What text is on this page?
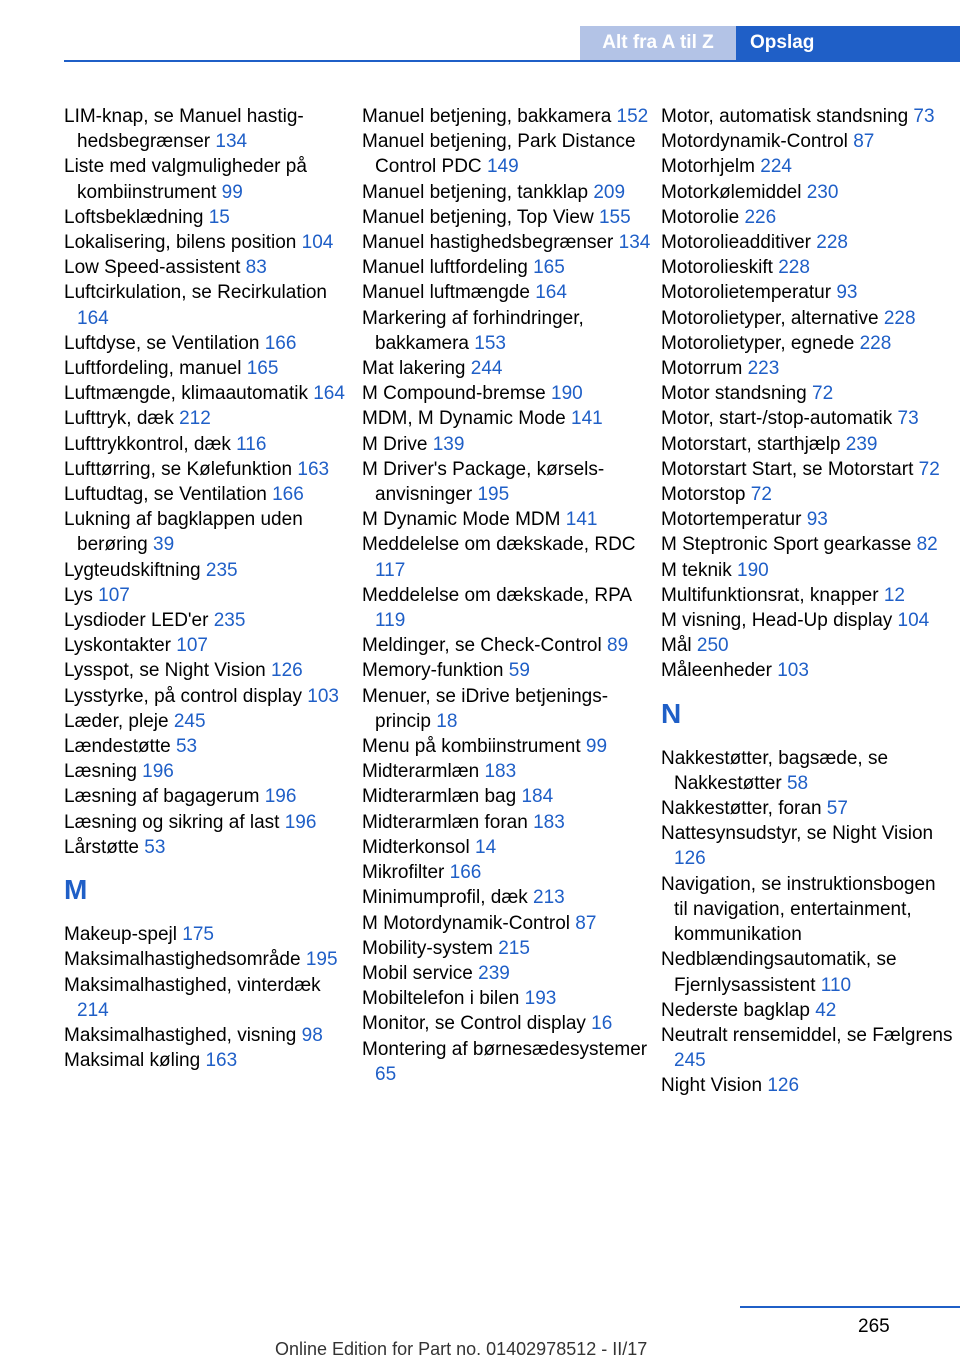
Alt fra A til Z	Opslag
LIM-knap, se Manuel hastighedsbegrænser 134
Liste med valgmuligheder på kombiinstrument 99
Loftsbeklædning 15
Lokalisering, bilens position 104
Low Speed-assistent 83
Luftcirkulation, se Recirkulation 164
Luftdyse, se Ventilation 166
Luftfordeling, manuel 165
Luftmængde, klimaautomatik 164
Lufttryk, dæk 212
Lufttrykkontrol, dæk 116
Lufttørring, se Kølefunktion 163
Luftudtag, se Ventilation 166
Lukning af bagklappen uden berøring 39
Lygteudskiftning 235
Lys 107
Lysdioder LED'er 235
Lyskontakter 107
Lysspot, se Night Vision 126
Lysstyrke, på control display 103
Læder, pleje 245
Lændestøtte 53
Læsning 196
Læsning af bagagerum 196
Læsning og sikring af last 196
Lårstøtte 53
M
Makeup-spejl 175
Maksimalhastighedsområde 195
Maksimalhastighed, vinterdæk 214
Maksimalhastighed, visning 98
Maksimal køling 163
Manuel betjening, bakkamera 152
Manuel betjening, Park Distance Control PDC 149
Manuel betjening, tankklap 209
Manuel betjening, Top View 155
Manuel hastighedsbegrænser 134
Manuel luftfordeling 165
Manuel luftmængde 164
Markering af forhindringer, bakkamera 153
Mat lakering 244
M Compound-bremse 190
MDM, M Dynamic Mode 141
M Drive 139
M Driver's Package, kørselsanvisninger 195
M Dynamic Mode MDM 141
Meddelelse om dækskade, RDC 117
Meddelelse om dækskade, RPA 119
Meldinger, se Check-Control 89
Memory-funktion 59
Menuer, se iDrive betjeningsprincip 18
Menu på kombiinstrument 99
Midterarmlæn 183
Midterarmlæn bag 184
Midterarmlæn foran 183
Midterkonsol 14
Mikrofilter 166
Minimumprofil, dæk 213
M Motordynamik-Control 87
Mobility-system 215
Mobil service 239
Mobiltelefon i bilen 193
Monitor, se Control display 16
Montering af børnesædesystemer 65
Motor, automatisk standsning 73
Motordynamik-Control 87
Motorhjelm 224
Motorkølemiddel 230
Motorolie 226
Motorolieadditiver 228
Motorolieskift 228
Motorolietemperatur 93
Motorolietyper, alternative 228
Motorolietyper, egnede 228
Motorrum 223
Motor standsning 72
Motor, start-/stop-automatik 73
Motorstart, starthjælp 239
Motorstart Start, se Motorstart 72
Motorstop 72
Motortemperatur 93
M Steptronic Sport gearkasse 82
M teknik 190
Multifunktionsrat, knapper 12
M visning, Head-Up display 104
Mål 250
Måleenheder 103
N
Nakkestøtter, bagsæde, se Nakkestøtter 58
Nakkestøtter, foran 57
Nattesynsudstyr, se Night Vision 126
Navigation, se instruktionsbogen til navigation, entertainment, kommunikation
Nedblændingsautomatik, se Fjernlysassistent 110
Nederste bagklap 42
Neutralt rensemiddel, se Fælgrens 245
Night Vision 126
265
Online Edition for Part no. 01402978512 - II/17
